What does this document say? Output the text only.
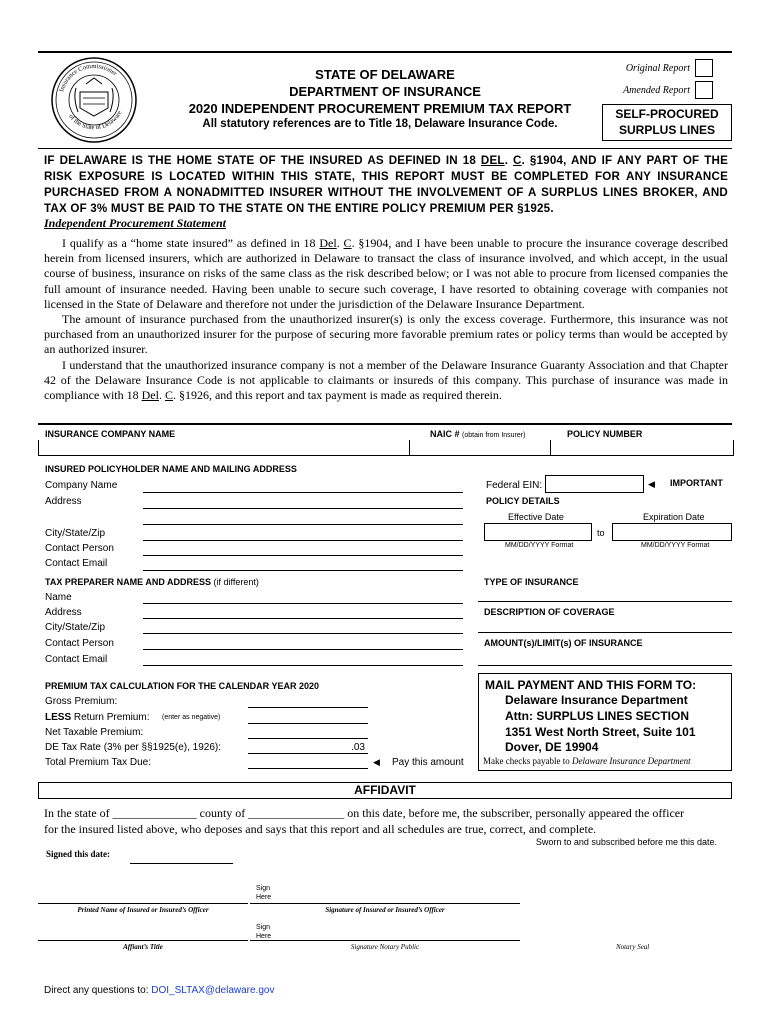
Insurance Commissioner
of the State of Delaware
STATE OF DELAWARE
DEPARTMENT OF INSURANCE
2020 INDEPENDENT PROCUREMENT PREMIUM TAX REPORT
All statutory references are to Title 18, Delaware Insurance Code.
Original Report
Amended Report
SELF-PROCURED
SURPLUS LINES
IF DELAWARE IS THE HOME STATE OF THE INSURED AS DEFINED IN 18 DEL. C. §1904, AND IF ANY PART OF THE RISK EXPOSURE IS LOCATED WITHIN THIS STATE, THIS REPORT MUST BE COMPLETED FOR ANY INSURANCE PURCHASED FROM A NONADMITTED INSURER WITHOUT THE INVOLVEMENT OF A SURPLUS LINES BROKER, AND TAX OF 3% MUST BE PAID TO THE STATE ON THE ENTIRE POLICY PREMIUM PER §1925.
Independent Procurement Statement

I qualify as a “home state insured” as defined in 18 Del. C. §1904, and I have been unable to procure the insurance coverage described herein from licensed insurers, which are authorized in Delaware to transact the class of insurance involved, and which accept, in the usual course of business, insurance on risks of the same class as the risk described below; or I was not able to procure from licensed companies the full amount of insurance needed. Having been unable to secure such coverage, I have resorted to obtaining coverage with companies not licensed in the State of Delaware and therefore not under the jurisdiction of the Delaware Insurance Department.

The amount of insurance purchased from the unauthorized insurer(s) is only the excess coverage. Furthermore, this insurance was not purchased from an unauthorized insurer for the purpose of securing more favorable premium rates or policy terms than would be accepted by an authorized insurer.

I understand that the unauthorized insurance company is not a member of the Delaware Insurance Guaranty Association and that Chapter 42 of the Delaware Insurance Code is not applicable to claimants or insureds of this company. This purchase of insurance was made in compliance with 18 Del. C. §1926, and this report and tax payment is made as required therein.

INSURANCE COMPANY NAME	NAIC # (obtain from Insurer)	POLICY NUMBER
INSURED POLICYHOLDER NAME AND MAILING ADDRESS
Company Name
Address
City/State/Zip
Contact Person
Contact Email
Federal EIN:	◀ IMPORTANT
POLICY DETAILS
Effective Date	Expiration Date
to
MM/DD/YYYY Format	MM/DD/YYYY Format
TAX PREPARER NAME AND ADDRESS (if different)
Name
Address
City/State/Zip
Contact Person
Contact Email
TYPE OF INSURANCE
DESCRIPTION OF COVERAGE
AMOUNT(s)/LIMIT(s) OF INSURANCE
PREMIUM TAX CALCULATION FOR THE CALENDAR YEAR 2020
Gross Premium:
LESS Return Premium: (enter as negative)
Net Taxable Premium:
DE Tax Rate (3% per §§1925(e), 1926):	.03
Total Premium Tax Due:	◀ Pay this amount
MAIL PAYMENT AND THIS FORM TO:
Delaware Insurance Department
Attn: SURPLUS LINES SECTION
1351 West North Street, Suite 101
Dover, DE 19904
Make checks payable to Delaware Insurance Department
AFFIDAVIT
In the state of ______________ county of ________________ on this date, before me, the subscriber, personally appeared the officer
for the insured listed above, who deposes and says that this report and all schedules are true, correct, and complete.
Sworn to and subscribed before me this date.
Signed this date:
Sign
Here
Printed Name of Insured or Insured’s Officer	Signature of Insured or Insured’s Officer
Sign
Here
Affiant’s Title	Signature Notary Public	Notary Seal
Direct any questions to: DOI_SLTAX@delaware.gov
